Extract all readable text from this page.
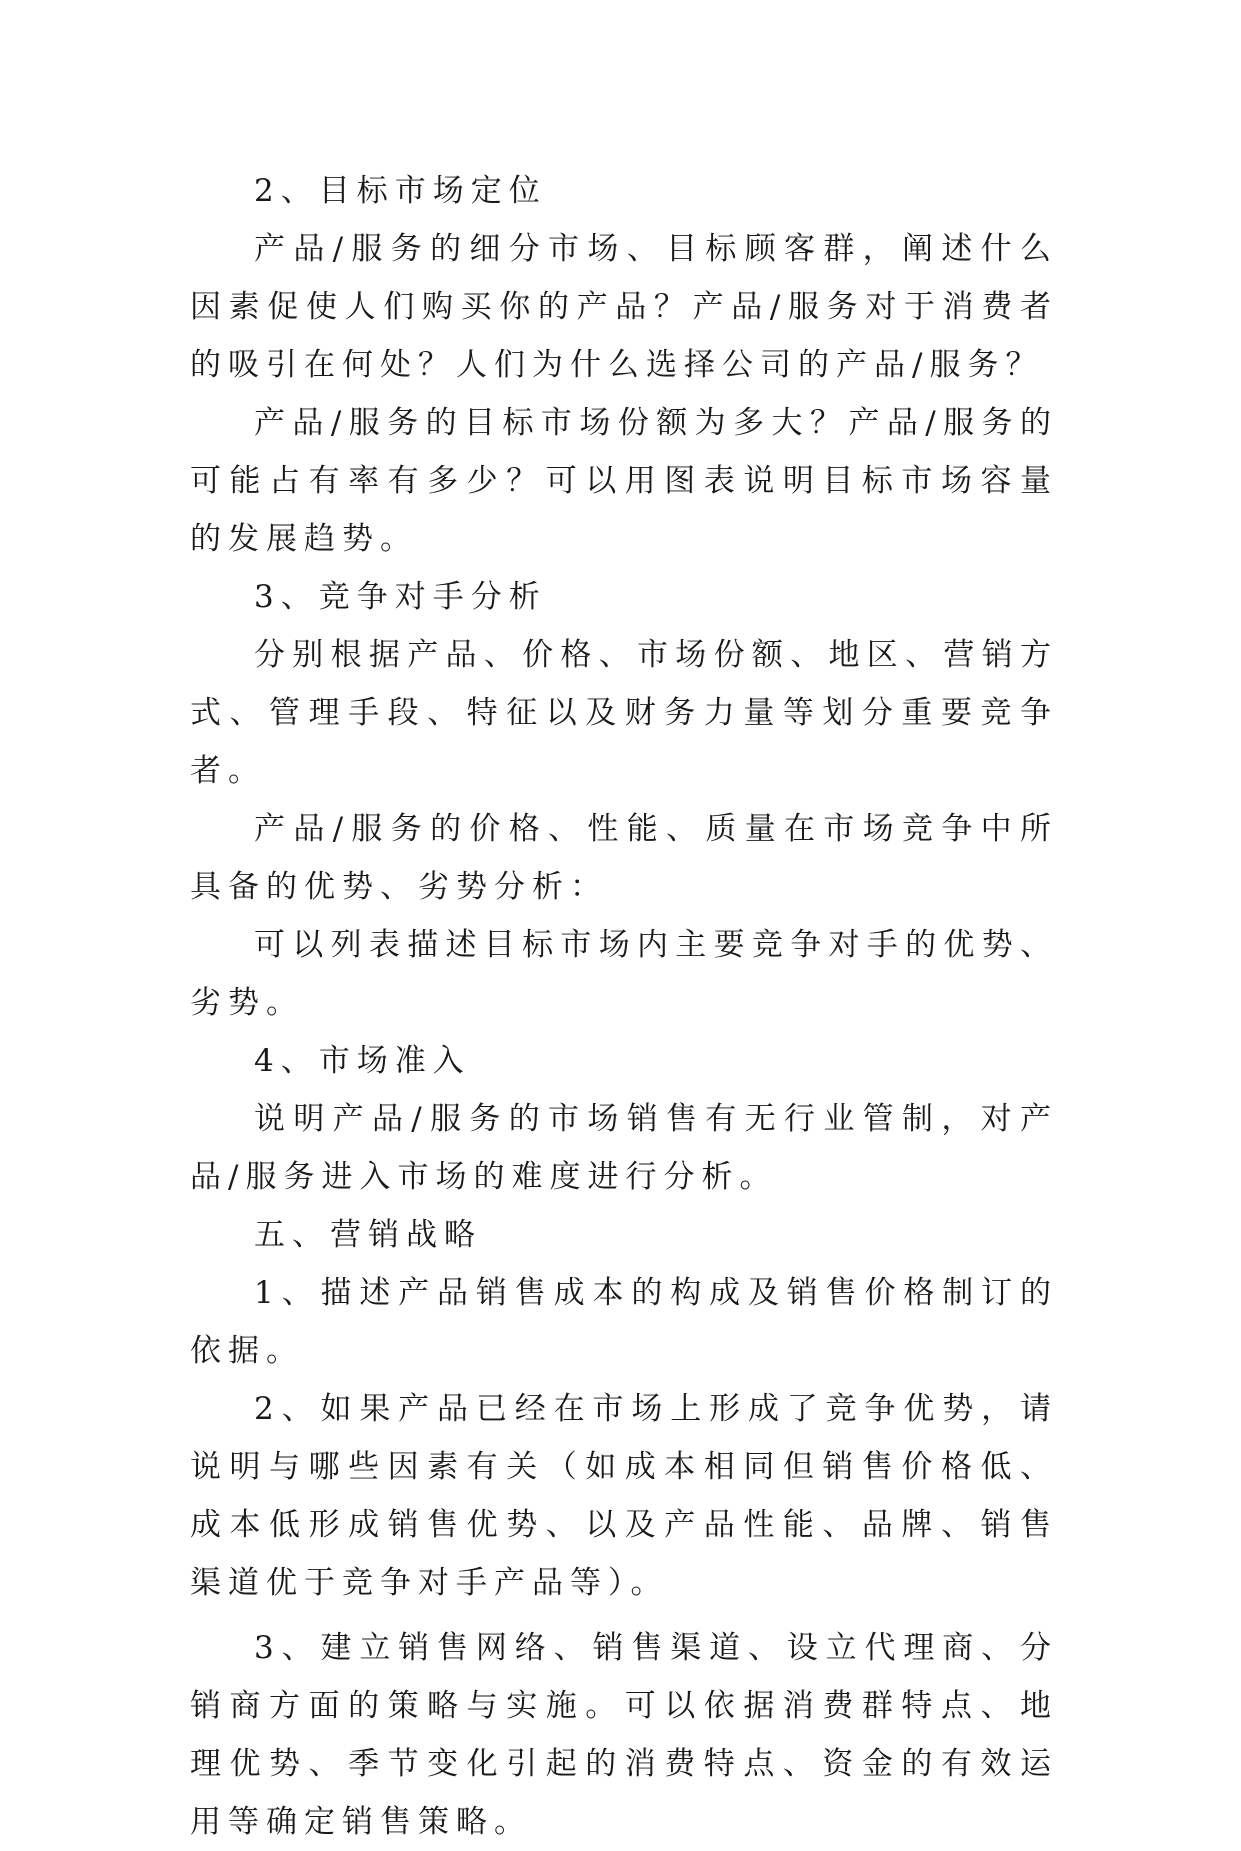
2、目标市场定位

产品/服务的细分市场、目标顾客群，阐述什么因素促使人们购买你的产品？产品/服务对于消费者的吸引在何处？人们为什么选择公司的产品/服务？

产品/服务的目标市场份额为多大？产品/服务的可能占有率有多少？可以用图表说明目标市场容量的发展趋势。

3、竞争对手分析

分别根据产品、价格、市场份额、地区、营销方式、管理手段、特征以及财务力量等划分重要竞争者。

产品/服务的价格、性能、质量在市场竞争中所具备的优势、劣势分析：

可以列表描述目标市场内主要竞争对手的优势、劣势。

4、市场准入

说明产品/服务的市场销售有无行业管制，对产品/服务进入市场的难度进行分析。

五、营销战略

1、描述产品销售成本的构成及销售价格制订的依据。

2、如果产品已经在市场上形成了竞争优势，请说明与哪些因素有关（如成本相同但销售价格低、成本低形成销售优势、以及产品性能、品牌、销售渠道优于竞争对手产品等）。

3、建立销售网络、销售渠道、设立代理商、分销商方面的策略与实施。可以依据消费群特点、地理优势、季节变化引起的消费特点、资金的有效运用等确定销售策略。
